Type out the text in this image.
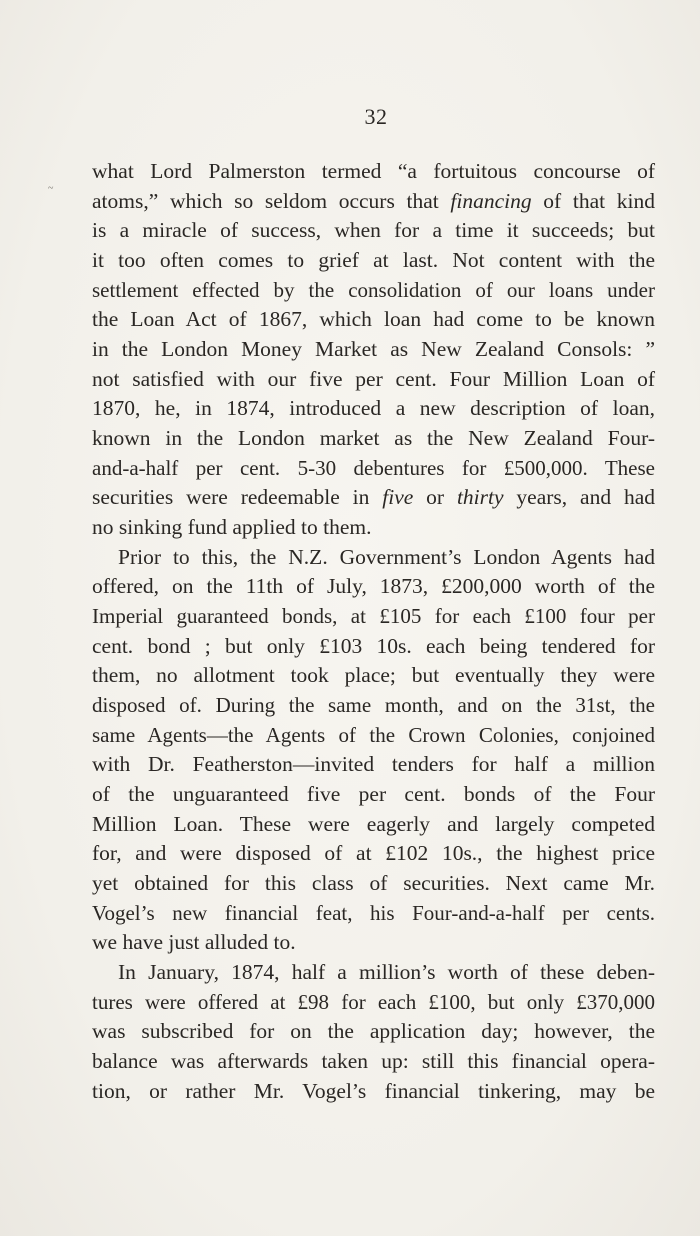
32
~
what Lord Palmerston termed “a fortuitous concourse of
atoms,” which so seldom occurs that financing of that kind
is a miracle of success, when for a time it succeeds; but
it too often comes to grief at last. Not content with the
settlement effected by the consolidation of our loans under
the Loan Act of 1867, which loan had come to be known
in the London Money Market as New Zealand Consols: ”
not satisfied with our five per cent. Four Million Loan of
1870, he, in 1874, introduced a new description of loan,
known in the London market as the New Zealand Four-
and-a-half per cent. 5-30 debentures for £500,000. These
securities were redeemable in five or thirty years, and had
no sinking fund applied to them.
Prior to this, the N.Z. Government’s London Agents had
offered, on the 11th of July, 1873, £200,000 worth of the
Imperial guaranteed bonds, at £105 for each £100 four per
cent. bond ; but only £103 10s. each being tendered for
them, no allotment took place; but eventually they were
disposed of. During the same month, and on the 31st, the
same Agents—the Agents of the Crown Colonies, conjoined
with Dr. Featherston—invited tenders for half a million
of the unguaranteed five per cent. bonds of the Four
Million Loan. These were eagerly and largely competed
for, and were disposed of at £102 10s., the highest price
yet obtained for this class of securities. Next came Mr.
Vogel’s new financial feat, his Four-and-a-half per cents.
we have just alluded to.
In January, 1874, half a million’s worth of these deben-
tures were offered at £98 for each £100, but only £370,000
was subscribed for on the application day; however, the
balance was afterwards taken up: still this financial opera-
tion, or rather Mr. Vogel’s financial tinkering, may be
